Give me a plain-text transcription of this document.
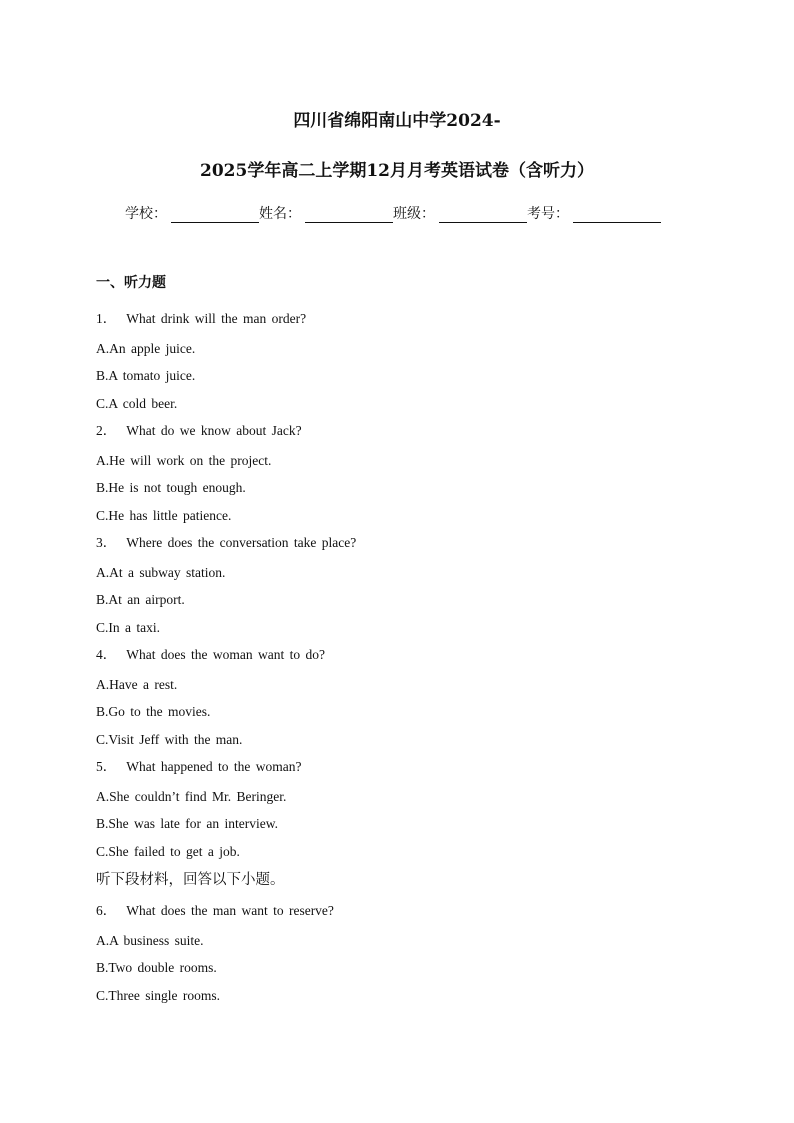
四川省绵阳南山中学2024-
2025学年高二上学期12月月考英语试卷（含听力）
学校：	姓名：	班级：	考号：
一、听力题
1． What drink will the man order?
A.An apple juice.
B.A tomato juice.
C.A cold beer.
2． What do we know about Jack?
A.He will work on the project.
B.He is not tough enough.
C.He has little patience.
3． Where does the conversation take place?
A.At a subway station.
B.At an airport.
C.In a taxi.
4． What does the woman want to do?
A.Have a rest.
B.Go to the movies.
C.Visit Jeff with the man.
5． What happened to the woman?
A.She couldn’t find Mr. Beringer.
B.She was late for an interview.
C.She failed to get a job.
听下段材料，回答以下小题。
6． What does the man want to reserve?
A.A business suite.
B.Two double rooms.
C.Three single rooms.
